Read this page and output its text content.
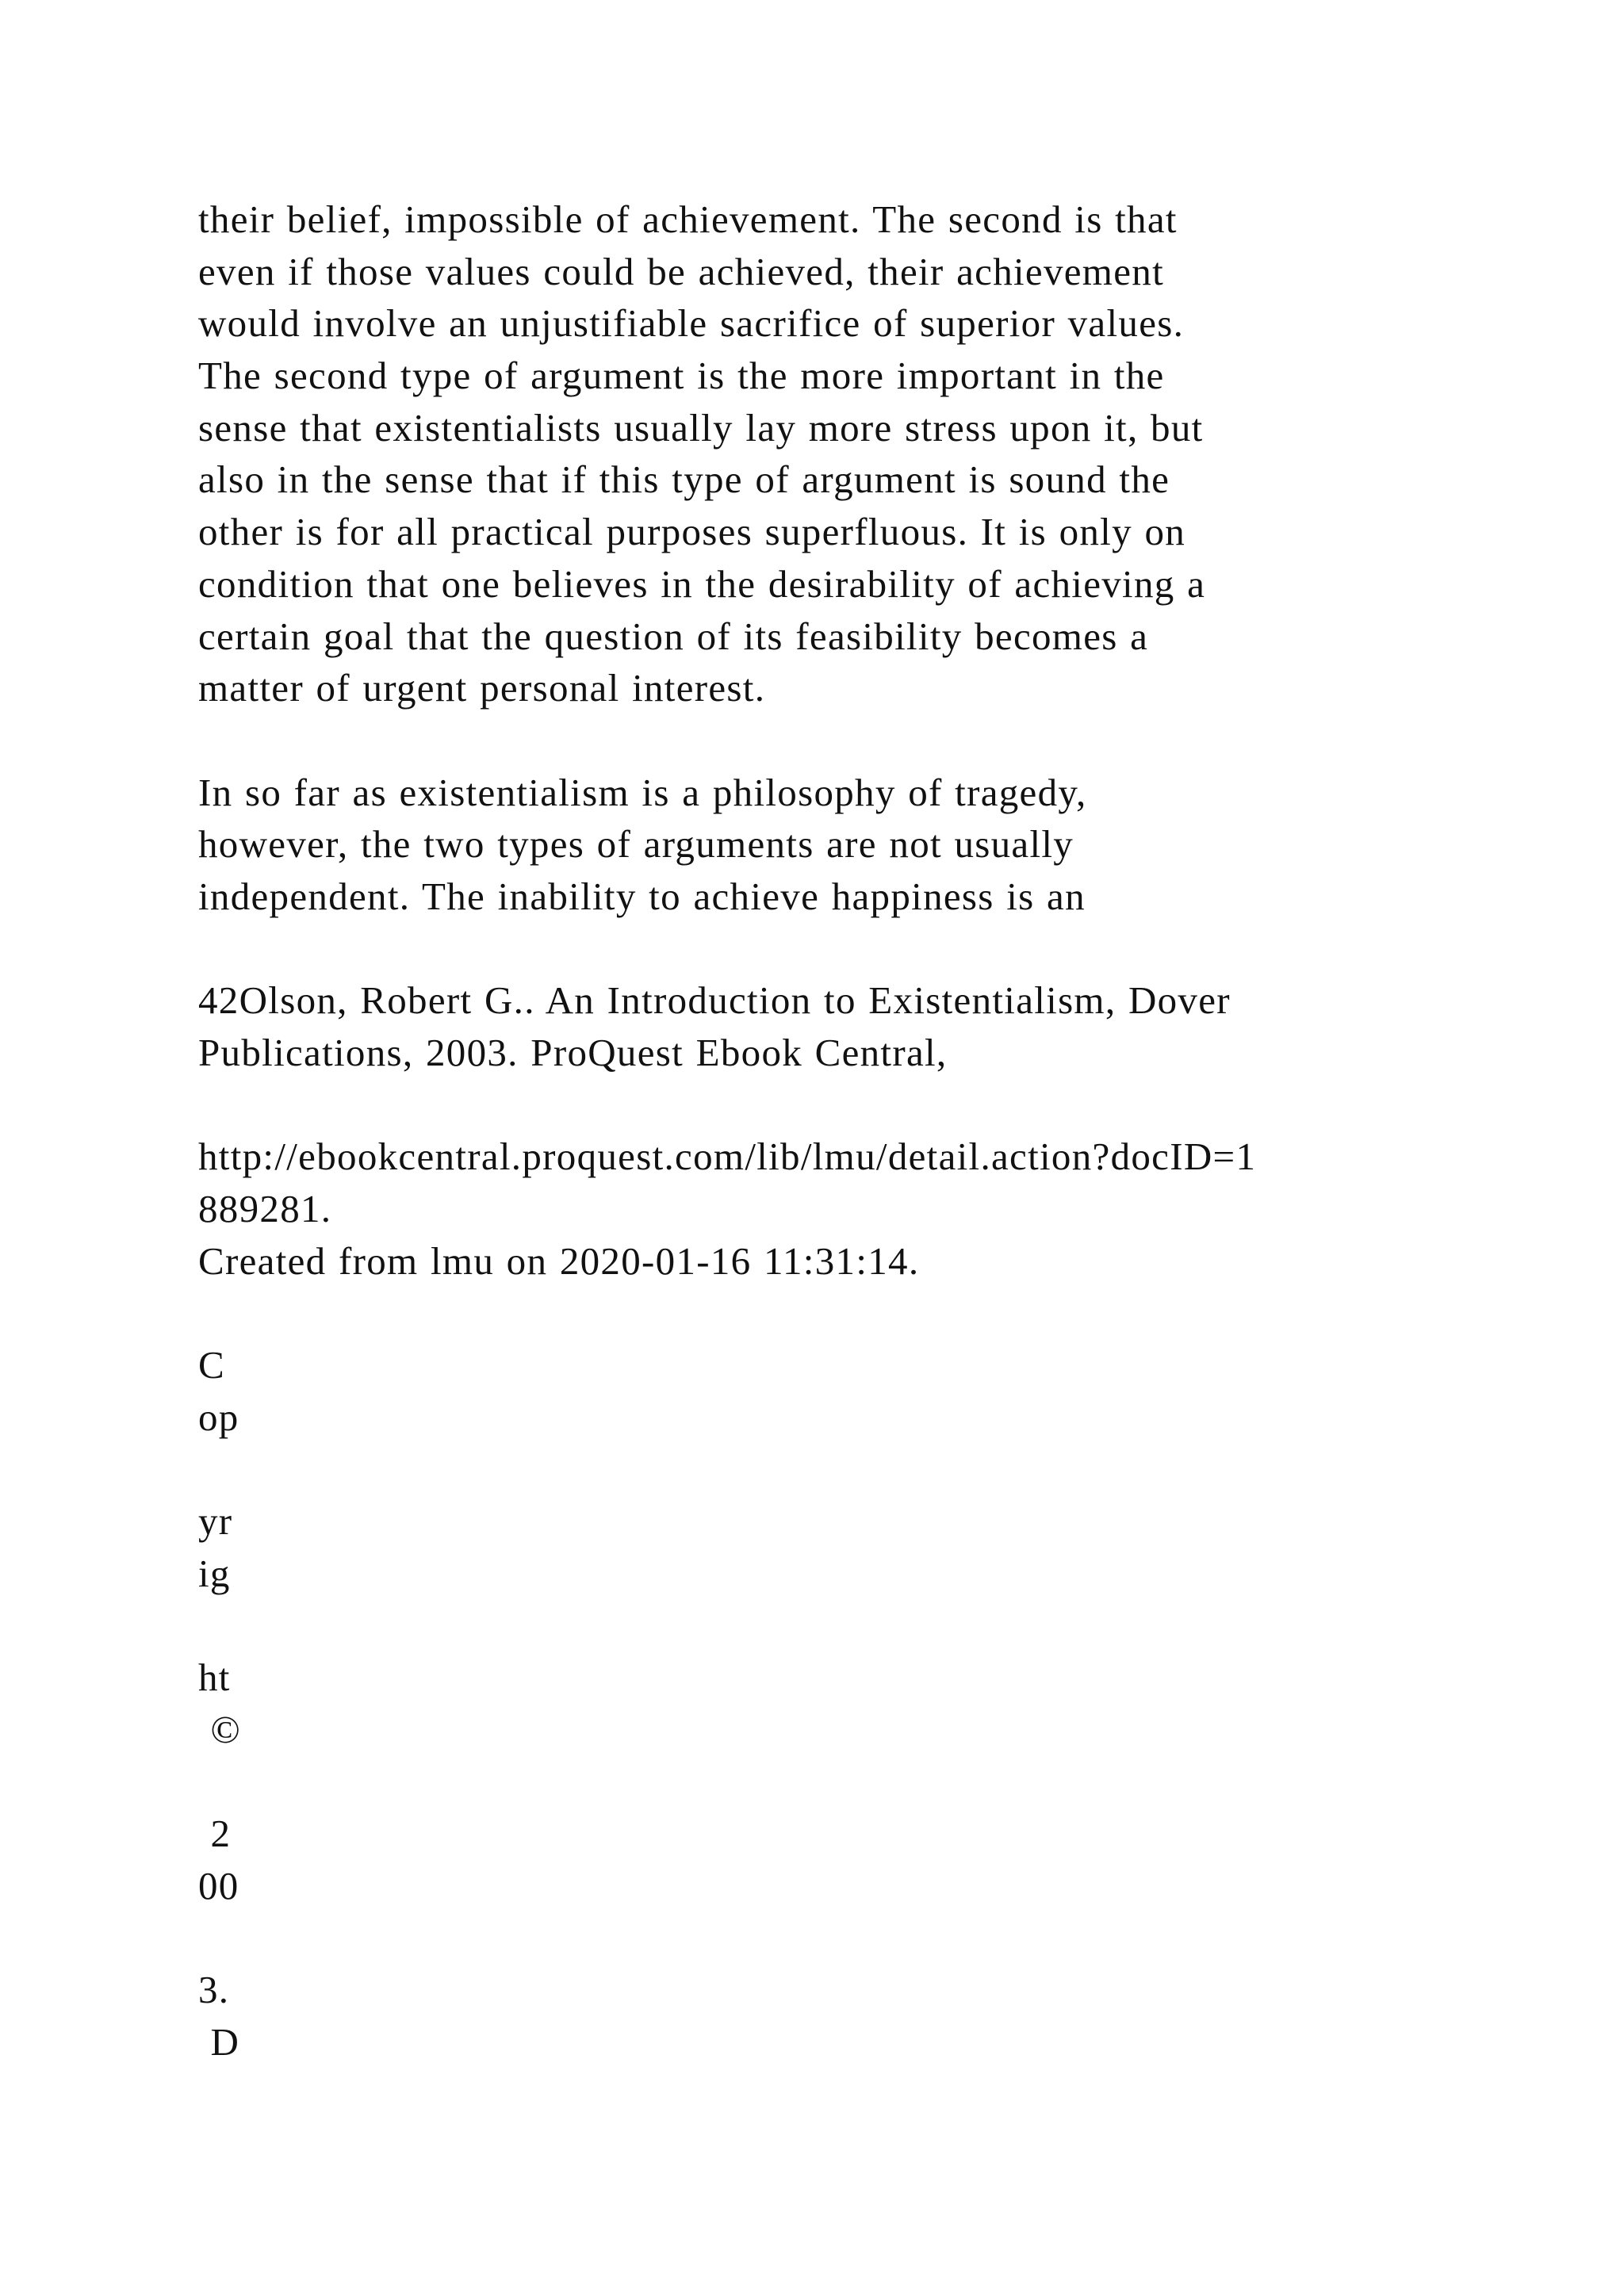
their belief, impossible of achievement. The second is that
even if those values could be achieved, their achievement
would involve an unjustifiable sacrifice of superior values.
The second type of argument is the more important in the
sense that existentialists usually lay more stress upon it, but
also in the sense that if this type of argument is sound the
other is for all practical purposes superfluous. It is only on
condition that one believes in the desirability of achieving a
certain goal that the question of its feasibility becomes a
matter of urgent personal interest.
In so far as existentialism is a philosophy of tragedy,
however, the two types of arguments are not usually
independent. The inability to achieve happiness is an
42Olson, Robert G.. An Introduction to Existentialism, Dover
Publications, 2003. ProQuest Ebook Central,
http://ebookcentral.proquest.com/lib/lmu/detail.action?docID=1
889281.
Created from lmu on 2020-01-16 11:31:14.
C
op
yr
ig
ht
©
2
00
3.
D
